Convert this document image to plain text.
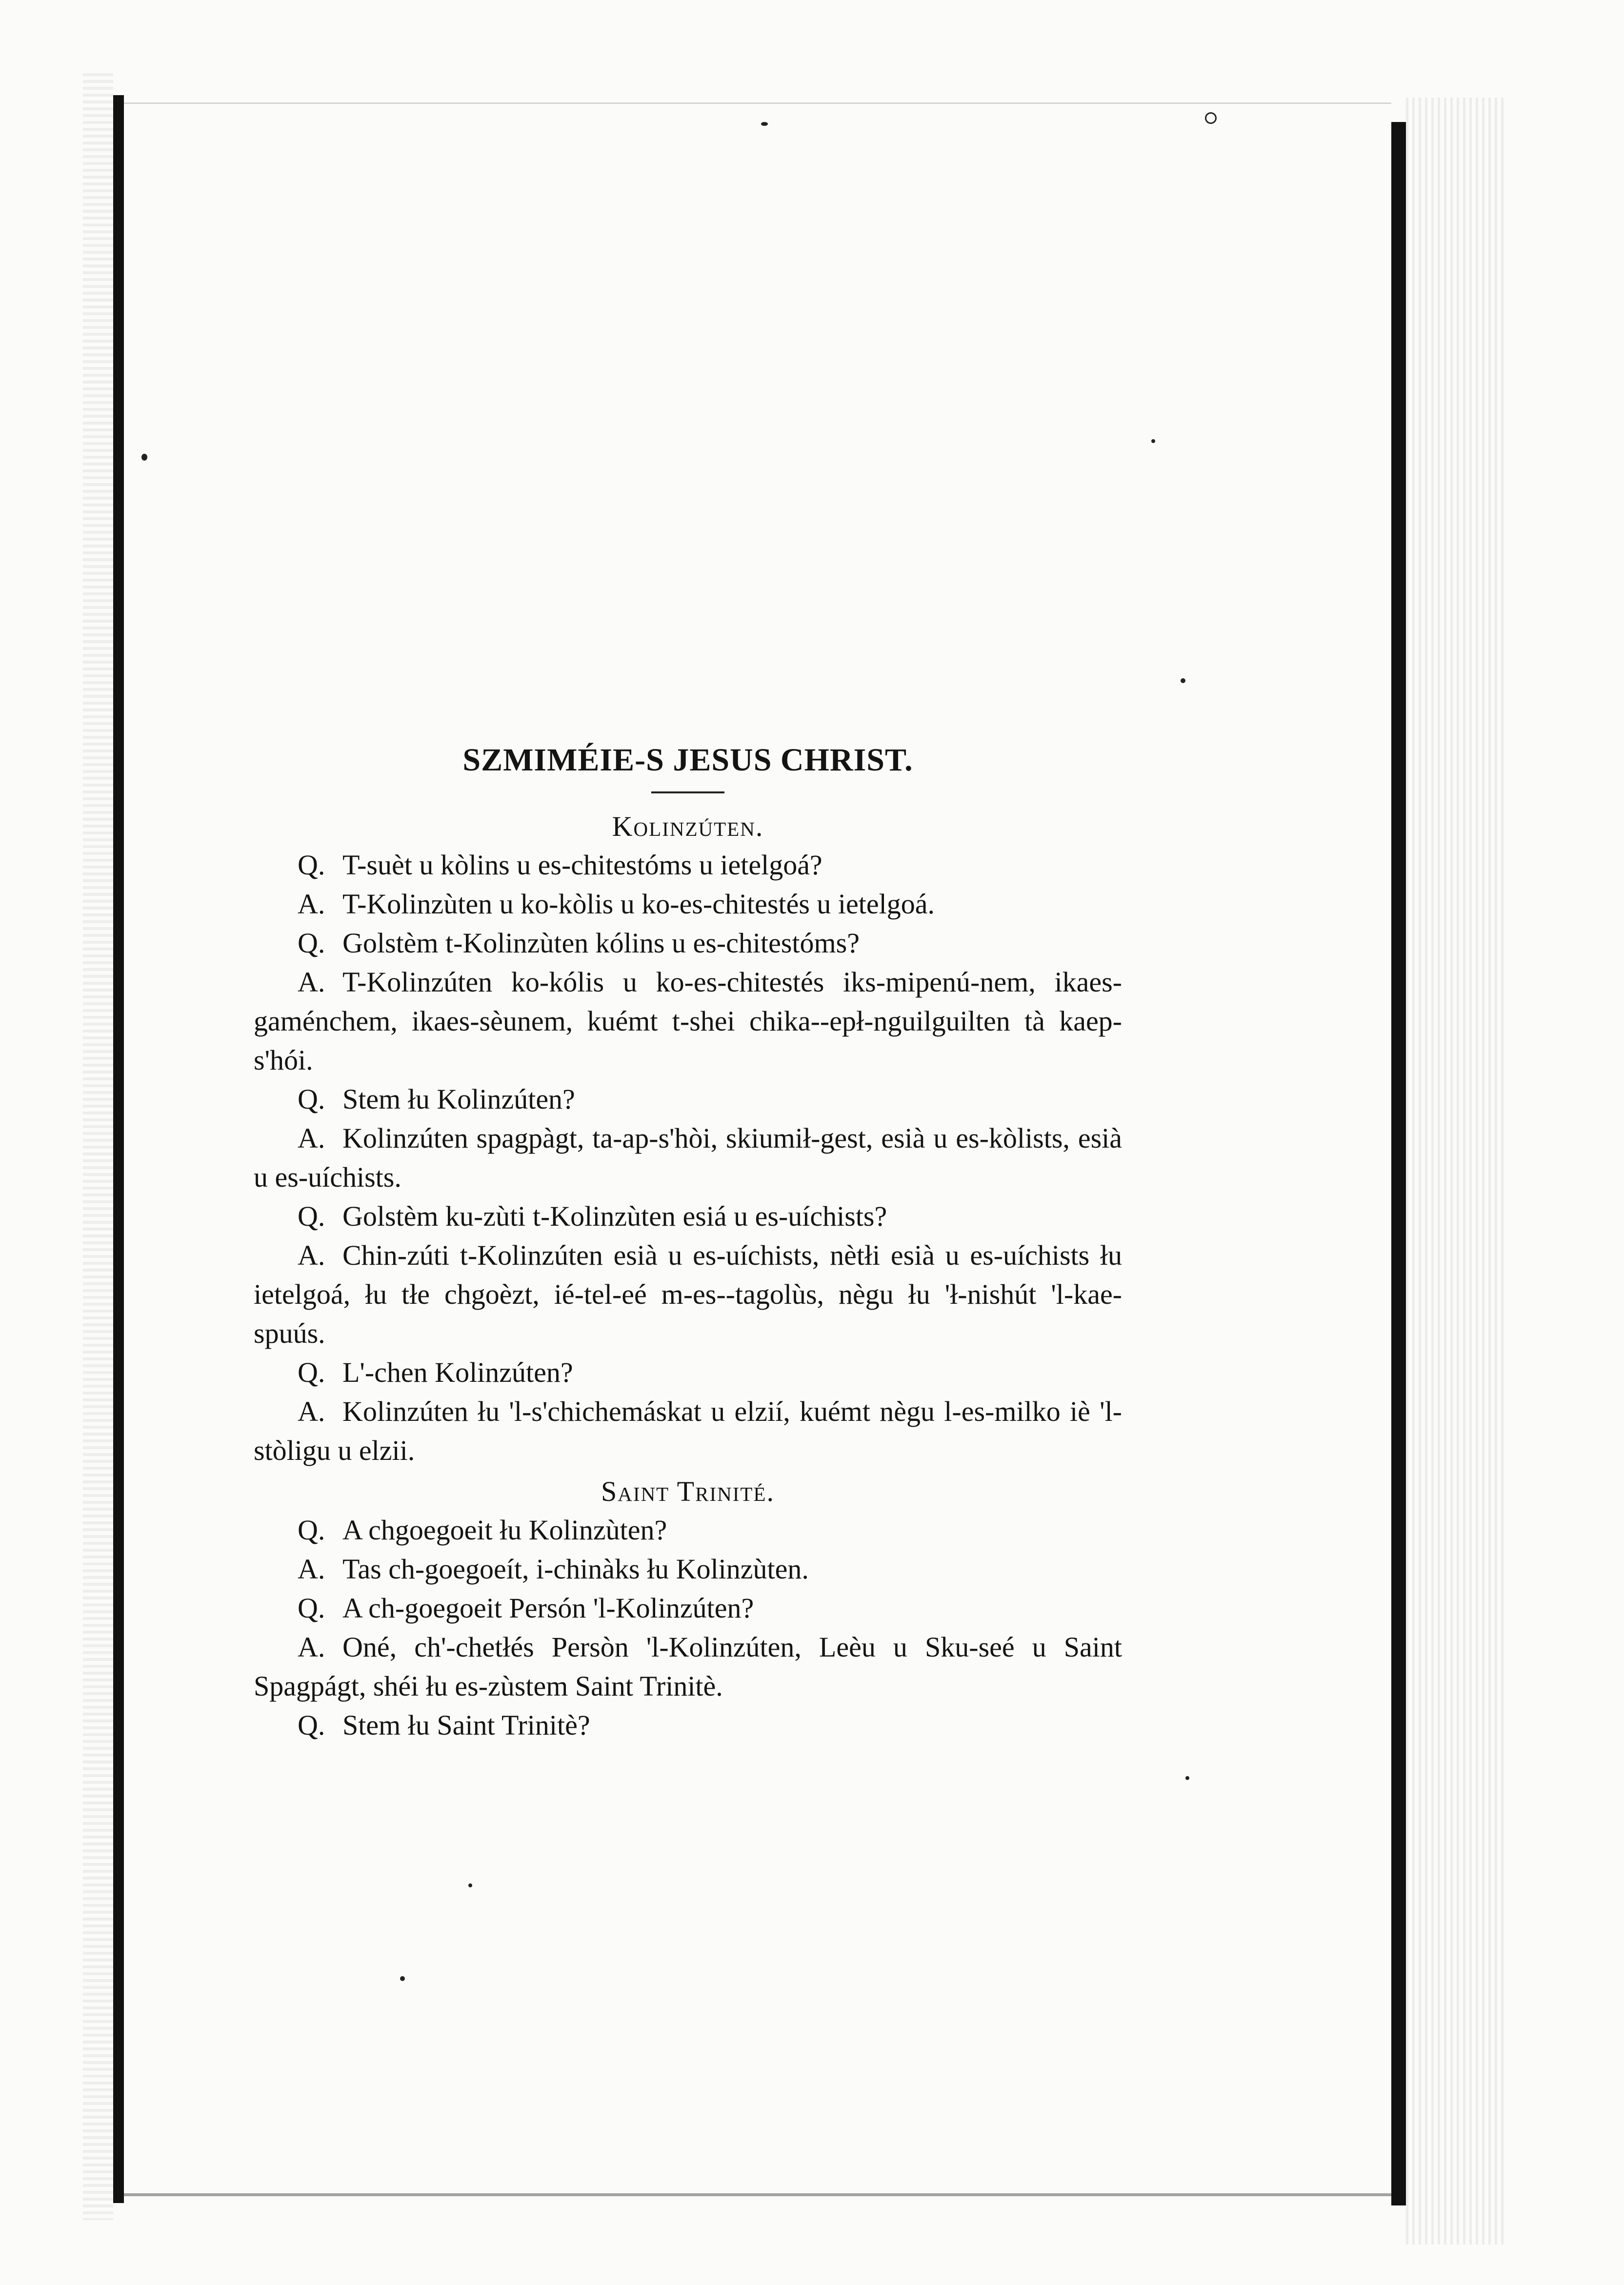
SZMIMÉIE-S JESUS CHRIST.
Kolinzúten.

Q. T-suèt u kòlins u es-chitestóms u ietelgoá?

A. T-Kolinzùten u ko-kòlis u ko-es-chitestés u ietelgoá.

Q. Golstèm t-Kolinzùten kólins u es-chitestóms?

A. T-Kolinzúten ko-kólis u ko-es-chitestés iks-mipenú-nem, ikaes-gaménchem, ikaes-sèunem, kuémt t-shei chika--epł-nguilguilten tà kaep-s'hói.

Q. Stem łu Kolinzúten?

A. Kolinzúten spagpàgt, ta-ap-s'hòi, skiumił-gest, esià u es-kòlists, esià u es-uíchists.

Q. Golstèm ku-zùti t-Kolinzùten esiá u es-uíchists?

A. Chin-zúti t-Kolinzúten esià u es-uíchists, nètłi esià u es-uíchists łu ietelgoá, łu tłe chgoèzt, ié-tel-eé m-es--tagolùs, nègu łu 'ł-nishút 'l-kae-spuús.

Q. L'-chen Kolinzúten?

A. Kolinzúten łu 'l-s'chichemáskat u elzií, kuémt nègu l-es-milko iè 'l-stòligu u elzii.

Saint Trinité.

Q. A chgoegoeit łu Kolinzùten?

A. Tas ch-goegoeít, i-chinàks łu Kolinzùten.

Q. A ch-goegoeit Persón 'l-Kolinzúten?

A. Oné, ch'-chetłés Persòn 'l-Kolinzúten, Leèu u Sku-seé u Saint Spagpágt, shéi łu es-zùstem Saint Trinitè.

Q. Stem łu Saint Trinitè?
